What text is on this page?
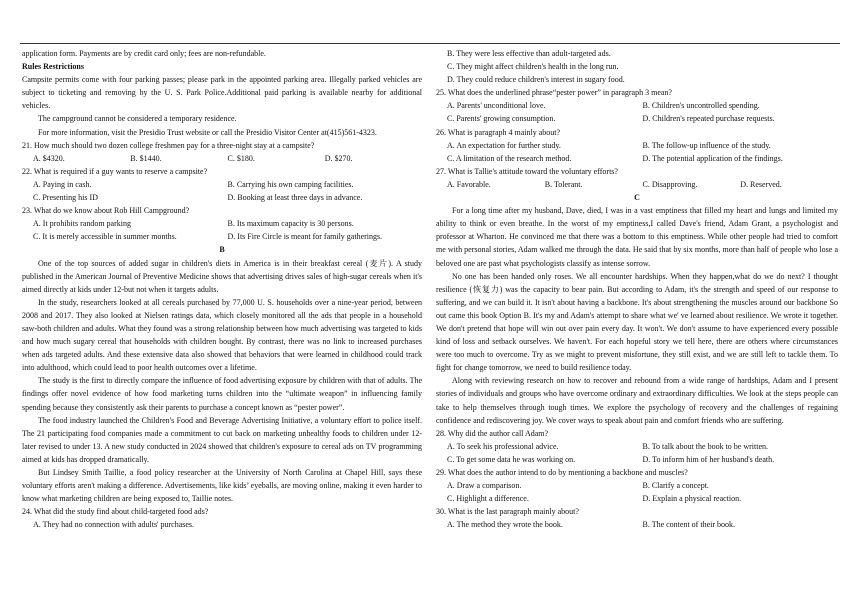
application form. Payments are by credit card only; fees are non-refundable.

Rules Restrictions

Campsite permits come with four parking passes; please park in the appointed parking area. Illegally parked vehicles are subject to ticketing and removing by the U. S. Park Police.Additional paid parking is available nearby for additional vehicles.

The campground cannot be considered a temporary residence.

For more information, visit the Presidio Trust website or call the Presidio Visitor Center at(415)561-4323.

21. How much should two dozen college freshmen pay for a three-night stay at a campsite?

A. $4320.	B. $1440.	C. $180.	D. $270.

22. What is required if a guy wants to reserve a campsite?

A. Paying in cash.	B. Carrying his own camping facilities.
C. Presenting his ID	D. Booking at least three days in advance.

23. What do we know about Rob Hill Campground?

A. It prohibits random parking	B. Its maximum capacity is 30 persons.
C. It is merely accessible in summer months.	D. Its Fire Circle is meant for family gatherings.

B

One of the top sources of added sugar in children's diets in America is in their breakfast cereal (麦片). A study published in the American Journal of Preventive Medicine shows that advertising drives sales of high-sugar cereals when it's aimed directly at kids under 12-but not when it targets adults.

In the study, researchers looked at all cereals purchased by 77,000 U. S. households over a nine-year period, between 2008 and 2017. They also looked at Nielsen ratings data, which closely monitored all the ads that people in a household saw-both children and adults. What they found was a strong relationship between how much advertising was targeted to kids and how much sugary cereal that households with children bought. By contrast, there was no link to increased purchases when ads targeted adults. And these extensive data also showed that behaviors that were learned in childhood could track into adulthood, which could lead to poor health outcomes over a lifetime.

The study is the first to directly compare the influence of food advertising exposure by children with that of adults. The findings offer novel evidence of how food marketing turns children into the “ultimate weapon” in influencing family spending because they consistently ask their parents to purchase a concept known as “pester power”.

The food industry launched the Children's Food and Beverage Advertising Initiative, a voluntary effort to police itself. The 21 participating food companies made a commitment to cut back on marketing unhealthy foods to children under 12-later revised to under 13. A new study conducted in 2024 showed that children's exposure to cereal ads on TV programming aimed at kids has dropped dramatically.

But Lindsey Smith Taillie, a food policy researcher at the University of North Carolina at Chapel Hill, says these voluntary efforts aren't making a difference. Advertisements, like kids’ eyeballs, are moving online, making it even harder to know what marketing children are being exposed to, Taillie notes.

24. What did the study find about child-targeted food ads?

A. They had no connection with adults' purchases.
B. They were less effective than adult-targeted ads.
C. They might affect children's health in the long run.
D. They could reduce children's interest in sugary food.

25. What does the underlined phrase“pester power” in paragraph 3 mean?

A. Parents' unconditional love.	B. Children's uncontrolled spending.
C. Parents' growing consumption.	D. Children's repeated purchase requests.

26. What is paragraph 4 mainly about?

A. An expectation for further study.	B. The follow-up influence of the study.
C. A limitation of the research method.	D. The potential application of the findings.

27. What is Tallie's attitude toward the voluntary efforts?

A. Favorable.	B. Tolerant.	C. Disapproving.	D. Reserved.

C

For a long time after my husband, Dave, died, I was in a vast emptiness that filled my heart and lungs and limited my ability to think or even breathe. In the worst of my emptiness,I called Dave's friend, Adam Grant, a psychologist and professor at Wharton. He convinced me that there was a bottom to this emptiness. While other people had tried to comfort me with personal stories, Adam walked me through the data. He said that by six months, more than half of people who lose a beloved one are past what psychologists classify as intense sorrow.

No one has been handed only roses. We all encounter hardships. When they happen,what do we do next? I thought resilience (恢复力) was the capacity to bear pain. But according to Adam, it's the strength and speed of our response to suffering, and we can build it. It isn't about having a backbone. It's about strengthening the muscles around our backbone So out came this book Option B. It's my and Adam's attempt to share what we' ve learned about resilience. We wrote it together. We don't pretend that hope will win out over pain every day. It won't. We don't assume to have experienced every possible kind of loss and setback ourselves. We haven't. For each hopeful story we tell here, there are others where circumstances were too much to overcome. Try as we might to prevent misfortune, they still exist, and we are still left to tackle them. To fight for change tomorrow, we need to build resilience today.

Along with reviewing research on how to recover and rebound from a wide range of hardships, Adam and I present stories of individuals and groups who have overcome ordinary and extraordinary difficulties. We look at the steps people can take to help themselves through tough times. We explore the psychology of recovery and the challenges of regaining confidence and rediscovering joy. We cover ways to speak about pain and comfort friends who are suffering.

28. Why did the author call Adam?

A. To seek his professional advice.	B. To talk about the book to be written.
C. To get some data he was working on.	D. To inform him of her husband's death.

29. What does the author intend to do by mentioning a backbone and muscles?

A. Draw a comparison.	B. Clarify a concept.
C. Highlight a difference.	D. Explain a physical reaction.

30. What is the last paragraph mainly about?

A. The method they wrote the book.	B. The content of their book.
